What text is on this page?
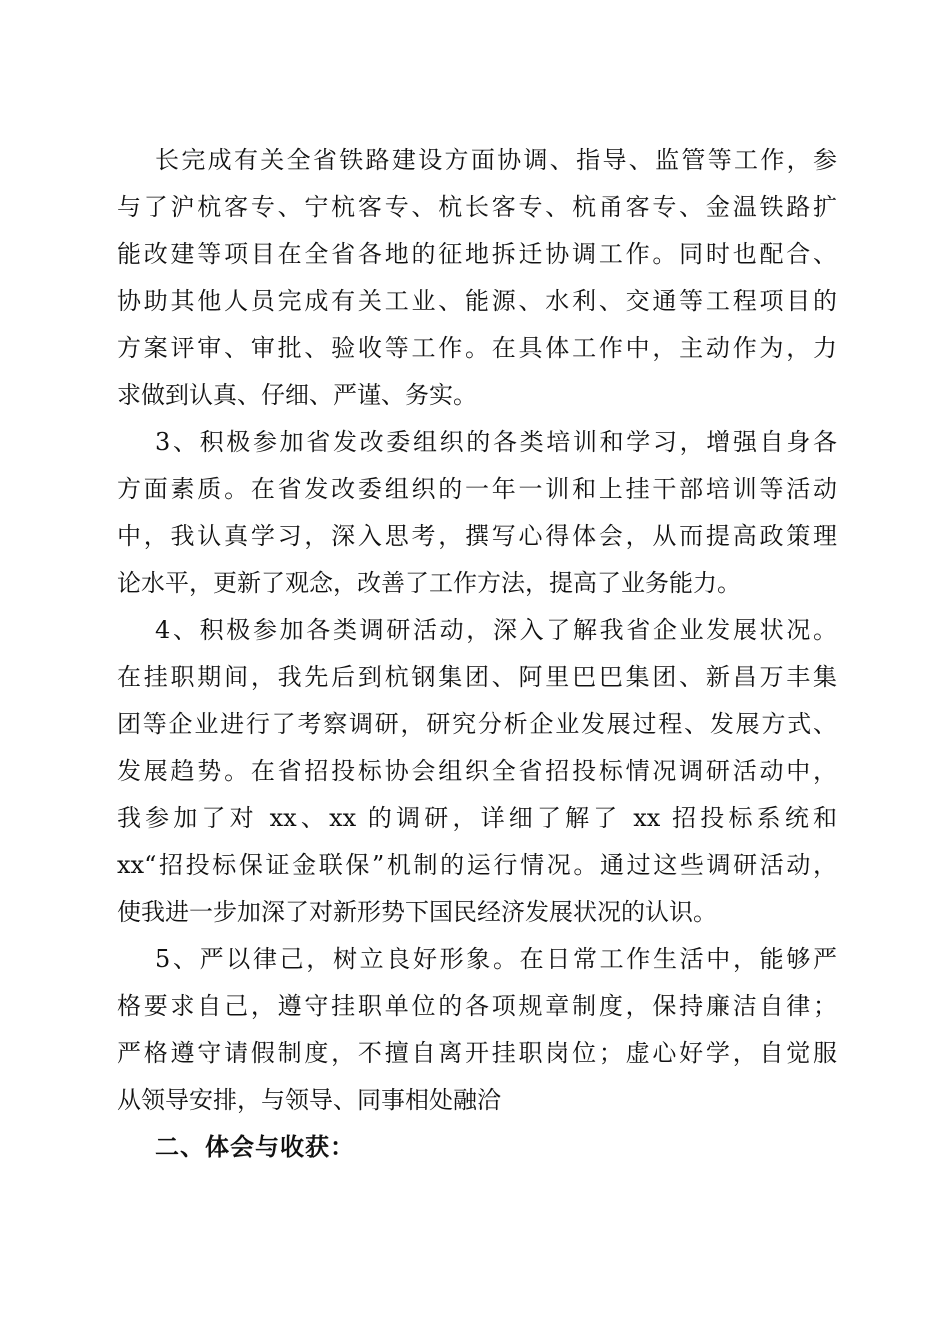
长完成有关全省铁路建设方面协调、指导、监管等工作，参
与了沪杭客专、宁杭客专、杭长客专、杭甬客专、金温铁路扩
能改建等项目在全省各地的征地拆迁协调工作。同时也配合、
协助其他人员完成有关工业、能源、水利、交通等工程项目的
方案评审、审批、验收等工作。在具体工作中，主动作为，力
求做到认真、仔细、严谨、务实。
3、积极参加省发改委组织的各类培训和学习，增强自身各
方面素质。在省发改委组织的一年一训和上挂干部培训等活动
中，我认真学习，深入思考，撰写心得体会，从而提高政策理
论水平，更新了观念，改善了工作方法，提高了业务能力。
4、积极参加各类调研活动，深入了解我省企业发展状况。
在挂职期间，我先后到杭钢集团、阿里巴巴集团、新昌万丰集
团等企业进行了考察调研，研究分析企业发展过程、发展方式、
发展趋势。在省招投标协会组织全省招投标情况调研活动中，
我参加了对 xx、xx 的调研，详细了解了 xx 招投标系统和
xx“招投标保证金联保”机制的运行情况。通过这些调研活动，
使我进一步加深了对新形势下国民经济发展状况的认识。
5、严以律己，树立良好形象。在日常工作生活中，能够严
格要求自己，遵守挂职单位的各项规章制度，保持廉洁自律；
严格遵守请假制度，不擅自离开挂职岗位；虚心好学，自觉服
从领导安排，与领导、同事相处融洽
二、体会与收获：
